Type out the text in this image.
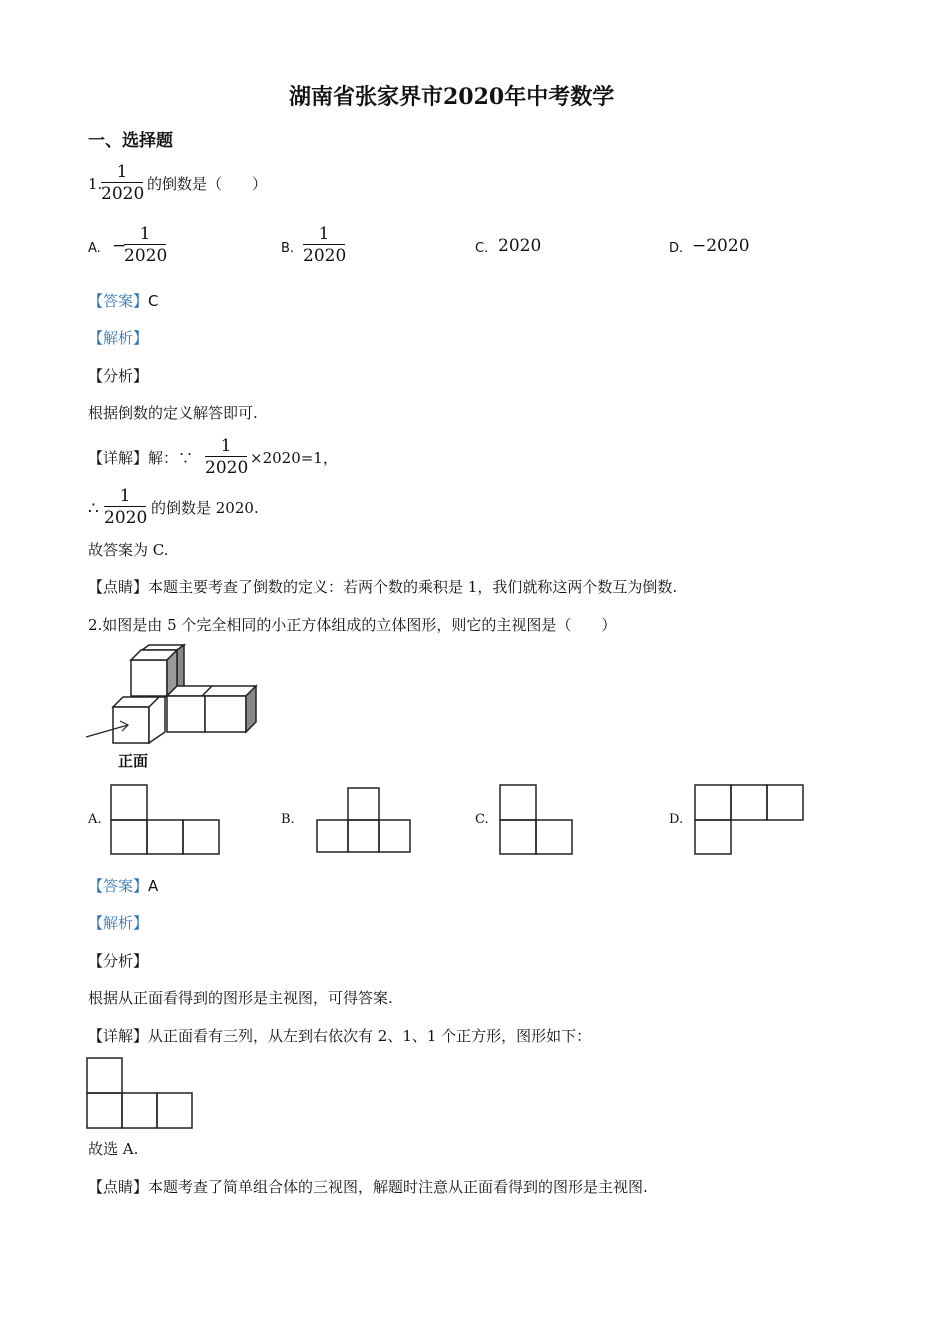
湖南省张家界市2020年中考数学
一、选择题
1.
1
2020 的倒数是（　　）
A. −
1
2020	B.
1
2020	C. 2020	D. −2020
【答案】C
【解析】
【分析】
根据倒数的定义解答即可.
【详解】解：∵
1
2020 ×2020=1，
∴
1
2020 的倒数是 2020.
故答案为 C.
【点睛】本题主要考查了倒数的定义：若两个数的乘积是 1，我们就称这两个数互为倒数.
2.如图是由 5 个完全相同的小正方体组成的立体图形，则它的主视图是（　　）
正面
A.	B.	C.	D.
【答案】A
【解析】
【分析】
根据从正面看得到的图形是主视图，可得答案.
【详解】从正面看有三列，从左到右依次有 2、1、1 个正方形，图形如下：
故选 A.
【点睛】本题考查了简单组合体的三视图，解题时注意从正面看得到的图形是主视图.
